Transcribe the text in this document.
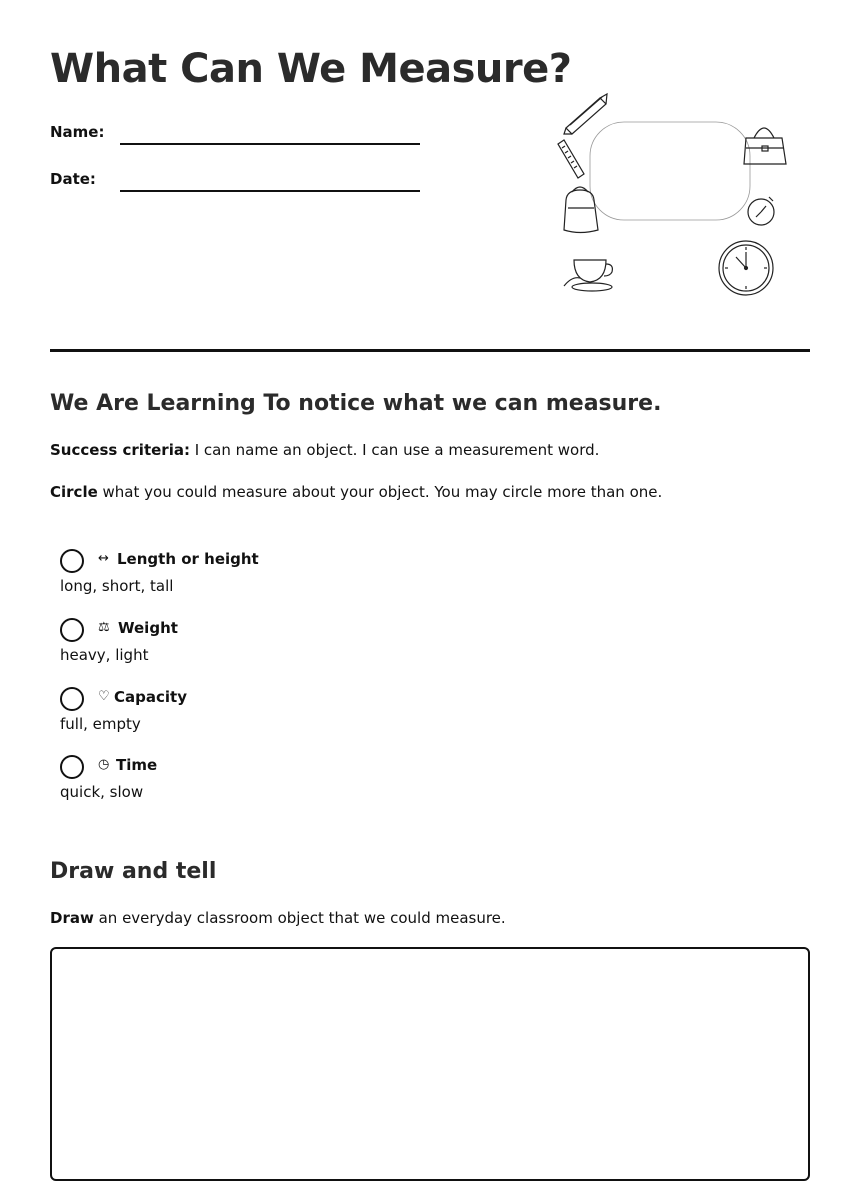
What Can We Measure?
Name:
Date:
We Are Learning To notice what we can measure.

Success criteria: I can name an object. I can use a measurement word.

Circle what you could measure about your object. You may circle more than one.

↔ Length or height
long, short, tall
⚖ Weight
heavy, light
♡ Capacity
full, empty
◷ Time
quick, slow
Draw and tell

Draw an everyday classroom object that we could measure.
